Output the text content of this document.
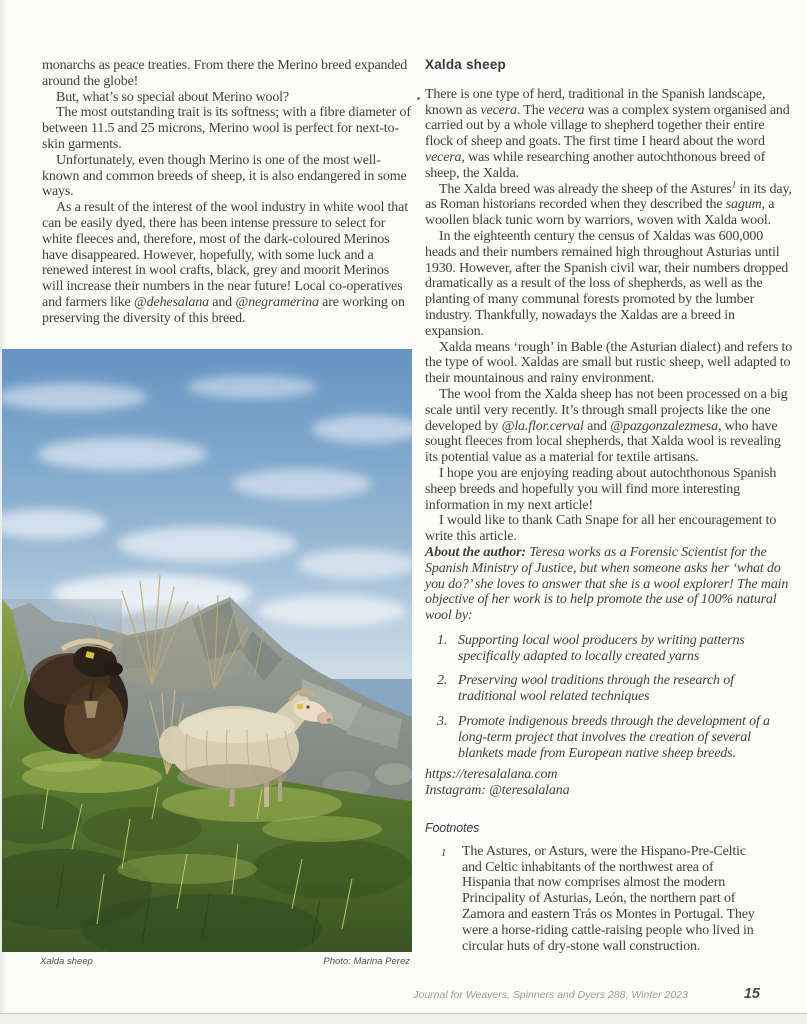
monarchs as peace treaties. From there the Merino breed expanded around the globe!

But, what’s so special about Merino wool?

The most outstanding trait is its softness; with a fibre diameter of between 11.5 and 25 microns, Merino wool is perfect for next-to-skin garments.

Unfortunately, even though Merino is one of the most well-known and common breeds of sheep, it is also endangered in some ways.

As a result of the interest of the wool industry in white wool that can be easily dyed, there has been intense pressure to select for white fleeces and, therefore, most of the dark-coloured Merinos have disappeared. However, hopefully, with some luck and a renewed interest in wool crafts, black, grey and moorit Merinos will increase their numbers in the near future! Local co-operatives and farmers like @dehesalana and @negramerina are working on preserving the diversity of this breed.

Xalda sheep

There is one type of herd, traditional in the Spanish landscape, known as vecera. The vecera was a complex system organised and carried out by a whole village to shepherd together their entire flock of sheep and goats. The first time I heard about the word vecera, was while researching another autochthonous breed of sheep, the Xalda.

The Xalda breed was already the sheep of the Astures$^1$ in its day, as Roman historians recorded when they described the sagum, a woollen black tunic worn by warriors, woven with Xalda wool.

In the eighteenth century the census of Xaldas was 600,000 heads and their numbers remained high throughout Asturias until 1930. However, after the Spanish civil war, their numbers dropped dramatically as a result of the loss of shepherds, as well as the planting of many communal forests promoted by the lumber industry. Thankfully, nowadays the Xaldas are a breed in expansion.

Xalda means ‘rough’ in Bable (the Asturian dialect) and refers to the type of wool. Xaldas are small but rustic sheep, well adapted to their mountainous and rainy environment.

The wool from the Xalda sheep has not been processed on a big scale until very recently. It’s through small projects like the one developed by @la.flor.cerval and @pazgonzalezmesa, who have sought fleeces from local shepherds, that Xalda wool is revealing its potential value as a material for textile artisans.

I hope you are enjoying reading about autochthonous Spanish sheep breeds and hopefully you will find more interesting information in my next article!

I would like to thank Cath Snape for all her encouragement to write this article.

About the author: Teresa works as a Forensic Scientist for the Spanish Ministry of Justice, but when someone asks her ‘what do you do?’ she loves to answer that she is a wool explorer! The main objective of her work is to help promote the use of 100% natural wool by:

1. Supporting local wool producers by writing patterns specifically adapted to locally created yarns
2. Preserving wool traditions through the research of traditional wool related techniques
3. Promote indigenous breeds through the development of a long-term project that involves the creation of several blankets made from European native sheep breeds.

https://teresalalana.com

Instagram: @teresalalana

Footnotes
1	The Astures, or Asturs, were the Hispano-Pre-Celtic and Celtic inhabitants of the northwest area of Hispania that now comprises almost the modern Principality of Asturias, León, the northern part of Zamora and eastern Trás os Montes in Portugal. They were a horse-riding cattle-raising people who lived in circular huts of dry-stone wall construction.
Xalda sheep	Photo: Marina Perez
Journal for Weavers, Spinners and Dyers 288, Winter 2023	15
